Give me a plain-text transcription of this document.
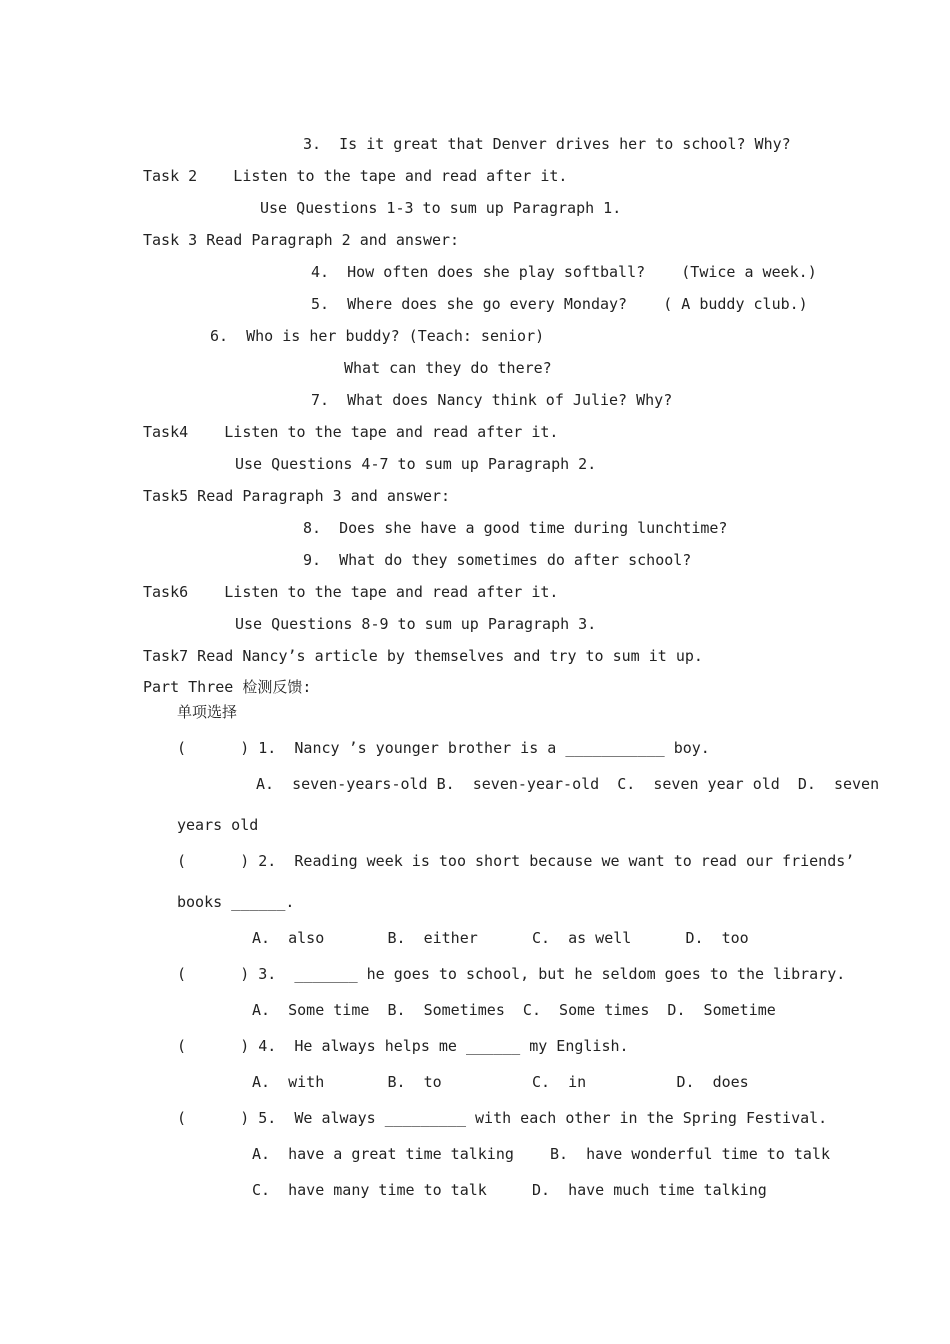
3.  Is it great that Denver drives her to school? Why?
Task 2    Listen to the tape and read after it.
Use Questions 1-3 to sum up Paragraph 1.
Task 3 Read Paragraph 2 and answer:
4.  How often does she play softball?    (Twice a week.)
5.  Where does she go every Monday?    ( A buddy club.)
6.  Who is her buddy? (Teach: senior)
What can they do there?
7.  What does Nancy think of Julie? Why?
Task4    Listen to the tape and read after it.
Use Questions 4-7 to sum up Paragraph 2.
Task5 Read Paragraph 3 and answer:
8.  Does she have a good time during lunchtime?
9.  What do they sometimes do after school?
Task6    Listen to the tape and read after it.
Use Questions 8-9 to sum up Paragraph 3.
Task7 Read Nancy’s article by themselves and try to sum it up.
Part Three 检测反馈:
单项选择
(      ) 1.  Nancy ’s younger brother is a ___________ boy.
A.  seven-years-old B.  seven-year-old  C.  seven year old  D.  seven
years old
(      ) 2.  Reading week is too short because we want to read our friends’
books ______.
A.  also       B.  either      C.  as well      D.  too
(      ) 3.  _______ he goes to school, but he seldom goes to the library.
A.  Some time  B.  Sometimes  C.  Some times  D.  Sometime
(      ) 4.  He always helps me ______ my English.
A.  with       B.  to          C.  in          D.  does
(      ) 5.  We always _________ with each other in the Spring Festival.
A.  have a great time talking    B.  have wonderful time to talk
C.  have many time to talk     D.  have much time talking
